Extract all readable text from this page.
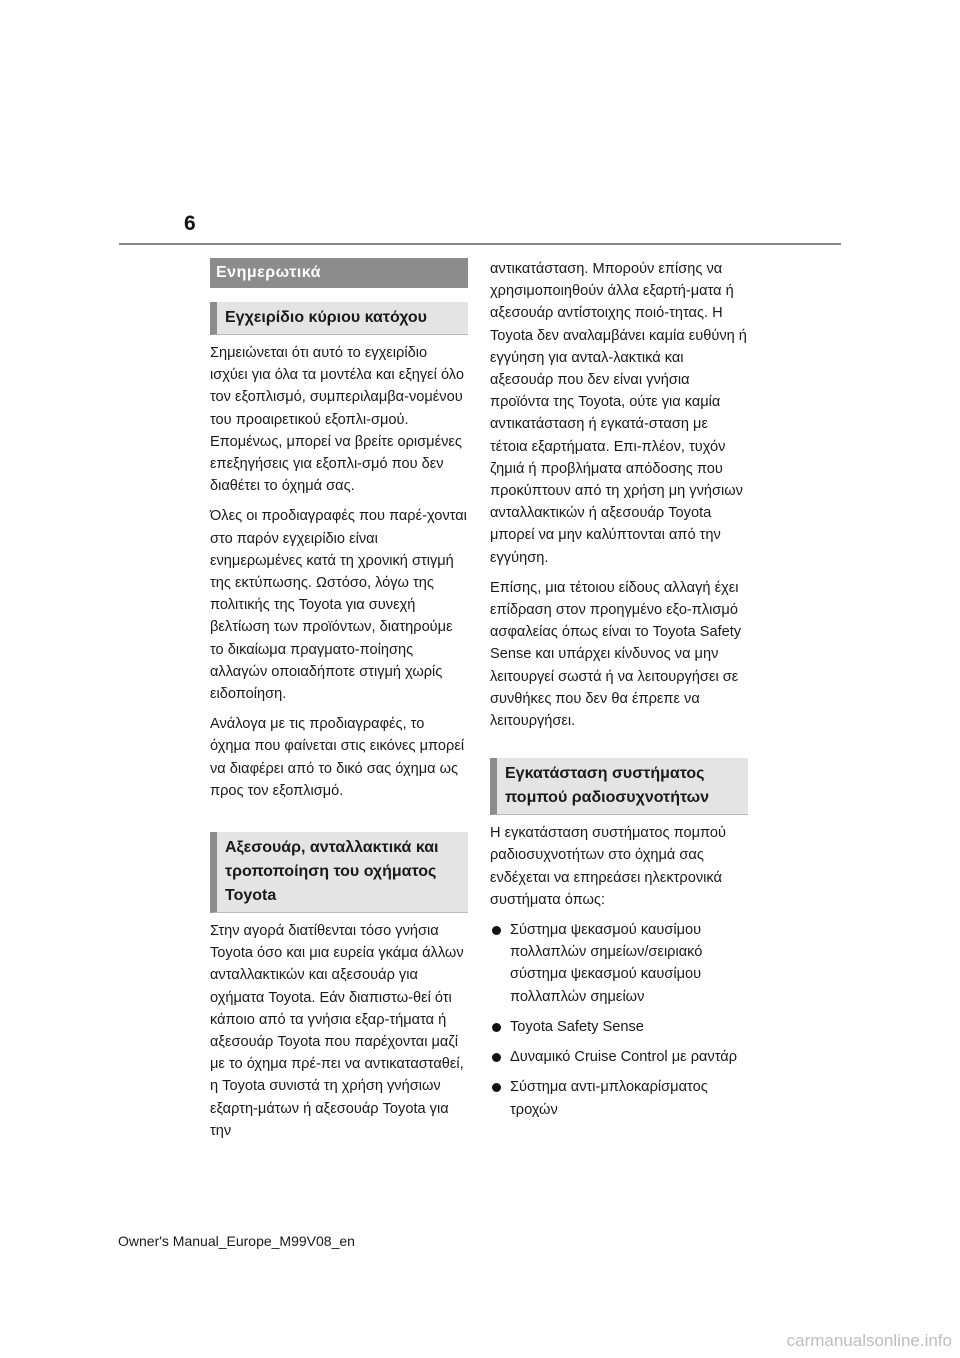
6
Ενημερωτικά
Εγχειρίδιο κύριου κατόχου

Σημειώνεται ότι αυτό το εγχειρίδιο ισχύει για όλα τα μοντέλα και εξηγεί όλο τον εξοπλισμό, συμπεριλαμβα-νομένου του προαιρετικού εξοπλι-σμού. Επομένως, μπορεί να βρείτε ορισμένες επεξηγήσεις για εξοπλι-σμό που δεν διαθέτει το όχημά σας.

Όλες οι προδιαγραφές που παρέ-χονται στο παρόν εγχειρίδιο είναι ενημερωμένες κατά τη χρονική στιγμή της εκτύπωσης. Ωστόσο, λόγω της πολιτικής της Toyota για συνεχή βελτίωση των προϊόντων, διατηρούμε το δικαίωμα πραγματο-ποίησης αλλαγών οποιαδήποτε στιγμή χωρίς ειδοποίηση.

Ανάλογα με τις προδιαγραφές, το όχημα που φαίνεται στις εικόνες μπορεί να διαφέρει από το δικό σας όχημα ως προς τον εξοπλισμό.

Αξεσουάρ, ανταλλακτικά και τροποποίηση του οχήματος Toyota

Στην αγορά διατίθενται τόσο γνήσια Toyota όσο και μια ευρεία γκάμα άλλων ανταλλακτικών και αξεσουάρ για οχήματα Toyota. Εάν διαπιστω-θεί ότι κάποιο από τα γνήσια εξαρ-τήματα ή αξεσουάρ Toyota που παρέχονται μαζί με το όχημα πρέ-πει να αντικατασταθεί, η Toyota συνιστά τη χρήση γνήσιων εξαρτη-μάτων ή αξεσουάρ Toyota για την

αντικατάσταση. Μπορούν επίσης να χρησιμοποιηθούν άλλα εξαρτή-ματα ή αξεσουάρ αντίστοιχης ποιό-τητας. Η Toyota δεν αναλαμβάνει καμία ευθύνη ή εγγύηση για ανταλ-λακτικά και αξεσουάρ που δεν είναι γνήσια προϊόντα της Toyota, ούτε για καμία αντικατάσταση ή εγκατά-σταση με τέτοια εξαρτήματα. Επι-πλέον, τυχόν ζημιά ή προβλήματα απόδοσης που προκύπτουν από τη χρήση μη γνήσιων ανταλλακτικών ή αξεσουάρ Toyota μπορεί να μην καλύπτονται από την εγγύηση.

Επίσης, μια τέτοιου είδους αλλαγή έχει επίδραση στον προηγμένο εξο-πλισμό ασφαλείας όπως είναι το Toyota Safety Sense και υπάρχει κίνδυνος να μην λειτουργεί σωστά ή να λειτουργήσει σε συνθήκες που δεν θα έπρεπε να λειτουργήσει.

Εγκατάσταση συστήματος πομπού ραδιοσυχνοτήτων

Η εγκατάσταση συστήματος πομπού ραδιοσυχνοτήτων στο όχημά σας ενδέχεται να επηρεάσει ηλεκτρονικά συστήματα όπως:

Σύστημα ψεκασμού καυσίμου πολλαπλών σημείων/σειριακό σύστημα ψεκασμού καυσίμου πολλαπλών σημείων
Toyota Safety Sense
Δυναμικό Cruise Control με ραντάρ
Σύστημα αντι-μπλοκαρίσματος τροχών
Owner's Manual_Europe_M99V08_en
carmanualsonline.info
